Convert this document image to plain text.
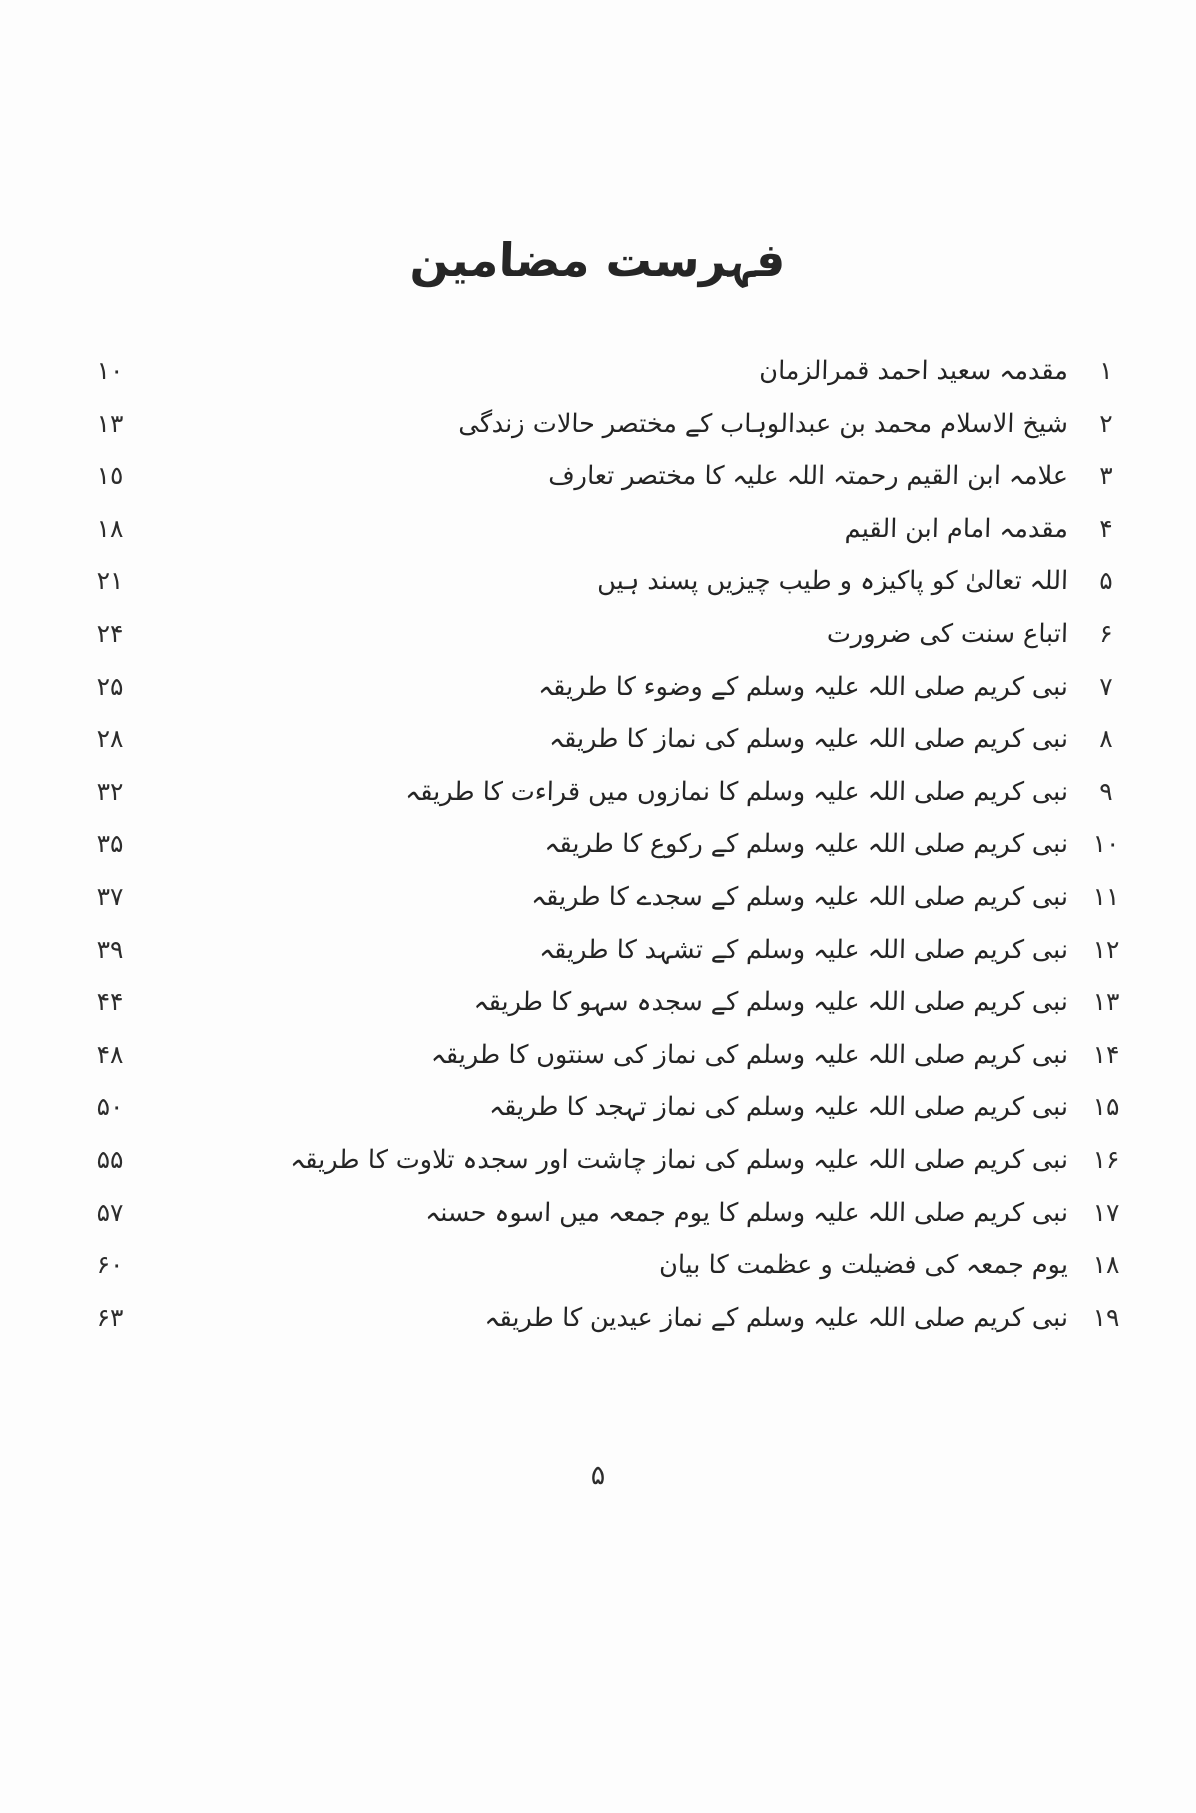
فہرست مضامین
١
مقدمہ سعید احمد قمرالزمان
١٠
٢
شیخ الاسلام محمد بن عبدالوہاب کے مختصر حالات زندگی
١٣
٣
علامہ ابن القیم رحمتہ اللہ علیہ کا مختصر تعارف
١٥
۴
مقدمہ امام ابن القیم
١٨
۵
اللہ تعالیٰ کو پاکیزہ و طیب چیزیں پسند ہیں
٢١
۶
اتباع سنت کی ضرورت
٢۴
۷
نبی کریم صلی اللہ علیہ وسلم کے وضوء کا طریقہ
٢۵
۸
نبی کریم صلی اللہ علیہ وسلم کی نماز کا طریقہ
٢۸
۹
نبی کریم صلی اللہ علیہ وسلم کا نمازوں میں قراءت کا طریقہ
٣٢
١٠
نبی کریم صلی اللہ علیہ وسلم کے رکوع کا طریقہ
٣۵
١١
نبی کریم صلی اللہ علیہ وسلم کے سجدے کا طریقہ
٣۷
١٢
نبی کریم صلی اللہ علیہ وسلم کے تشہد کا طریقہ
٣۹
١٣
نبی کریم صلی اللہ علیہ وسلم کے سجدہ سہو کا طریقہ
۴۴
١۴
نبی کریم صلی اللہ علیہ وسلم کی نماز کی سنتوں کا طریقہ
۴۸
١۵
نبی کریم صلی اللہ علیہ وسلم کی نماز تہجد کا طریقہ
۵٠
١۶
نبی کریم صلی اللہ علیہ وسلم کی نماز چاشت اور سجدہ تلاوت کا طریقہ
۵۵
١۷
نبی کریم صلی اللہ علیہ وسلم کا یوم جمعہ میں اسوہ حسنہ
۵۷
١۸
یوم جمعہ کی فضیلت و عظمت کا بیان
۶٠
١۹
نبی کریم صلی اللہ علیہ وسلم کے نماز عیدین کا طریقہ
۶٣
۵
